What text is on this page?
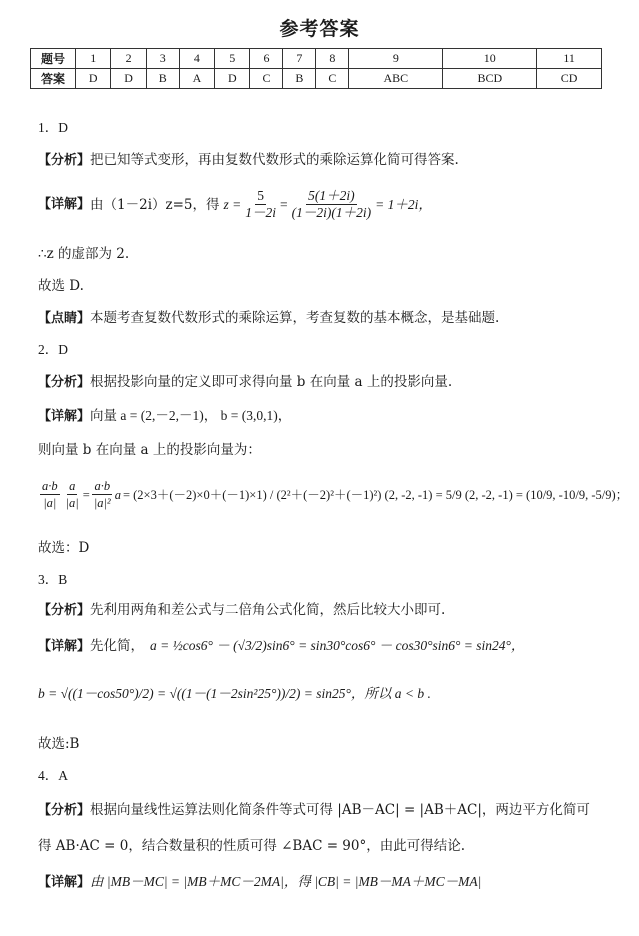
参考答案
题号	1	2	3	4	5	6	7	8	9	10	11
答案	D	D	B	A	D	C	B	C	ABC	BCD	CD
1．D
【分析】把已知等式变形，再由复数代数形式的乘除运算化简可得答案.
【详解】 由（1－2i）z=5，得 $z = \frac{5}{1-2i} = \frac{5(1+2i)}{(1-2i)(1+2i)} = 1+2i$，
∴z 的虚部为 2.
故选 D.
【点睛】本题考查复数代数形式的乘除运算，考查复数的基本概念，是基础题.
2．D
【分析】根据投影向量的定义即可求得向量 b 在向量 a 上的投影向量.
【详解】向量 a = (2,－2,－1)， b = (3,0,1)，
则向量 b 在向量 a 上的投影向量为：
$\frac{a\cdot b}{|a|} \frac{a}{|a|} = \frac{a\cdot b}{\text{|a|²}}$ a = (2×3＋(－2)×0＋(－1)×1) / (2²＋(－2)²＋(－1)²) (2, -2, -1) = 5/9 (2, -2, -1) = (10/9, -10/9, -5/9)；
故选：D
3．B
【分析】先利用两角和差公式与二倍角公式化简，然后比较大小即可.
【详解】先化简， a = ½cos6° － (√3/2)sin6° = sin30°cos6° － cos30°sin6° = sin24°，
b = √((1－cos50°)/2) = √((1－(1－2sin²25°))/2) = sin25°，所以 a < b .
故选:B
4．A
【分析】根据向量线性运算法则化简条件等式可得 |AB－AC| = |AB＋AC|，两边平方化简可
得 AB·AC = 0，结合数量积的性质可得 ∠BAC = 90°，由此可得结论.
【详解】由 |MB－MC| = |MB＋MC－2MA|，得 |CB| = |MB－MA＋MC－MA|
